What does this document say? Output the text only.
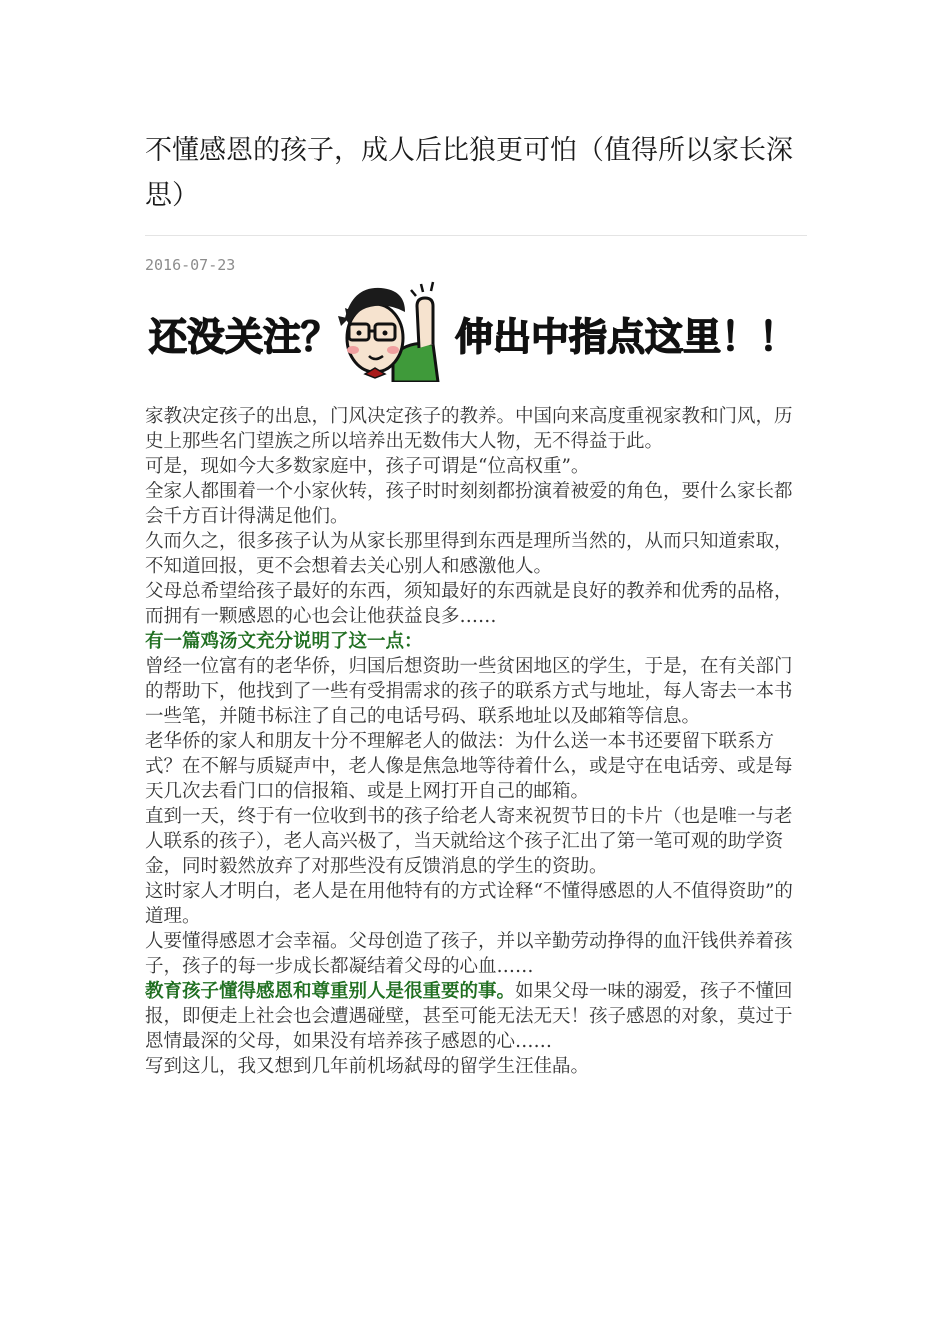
不懂感恩的孩子，成人后比狼更可怕（值得所以家长深思）
2016-07-23
还没关注？	伸出中指点这里！！

家教决定孩子的出息，门风决定孩子的教养。中国向来高度重视家教和门风，历史上那些名门望族之所以培养出无数伟大人物，无不得益于此。

可是，现如今大多数家庭中，孩子可谓是“位高权重”。

全家人都围着一个小家伙转，孩子时时刻刻都扮演着被爱的角色，要什么家长都会千方百计得满足他们。

久而久之，很多孩子认为从家长那里得到东西是理所当然的，从而只知道索取，不知道回报，更不会想着去关心别人和感激他人。

父母总希望给孩子最好的东西，须知最好的东西就是良好的教养和优秀的品格，而拥有一颗感恩的心也会让他获益良多……

有一篇鸡汤文充分说明了这一点：

曾经一位富有的老华侨，归国后想资助一些贫困地区的学生，于是，在有关部门的帮助下，他找到了一些有受捐需求的孩子的联系方式与地址，每人寄去一本书一些笔，并随书标注了自己的电话号码、联系地址以及邮箱等信息。

老华侨的家人和朋友十分不理解老人的做法：为什么送一本书还要留下联系方式？在不解与质疑声中，老人像是焦急地等待着什么，或是守在电话旁、或是每天几次去看门口的信报箱、或是上网打开自己的邮箱。

直到一天，终于有一位收到书的孩子给老人寄来祝贺节日的卡片（也是唯一与老人联系的孩子），老人高兴极了，当天就给这个孩子汇出了第一笔可观的助学资金，同时毅然放弃了对那些没有反馈消息的学生的资助。

这时家人才明白，老人是在用他特有的方式诠释“不懂得感恩的人不值得资助”的道理。

人要懂得感恩才会幸福。父母创造了孩子，并以辛勤劳动挣得的血汗钱供养着孩子，孩子的每一步成长都凝结着父母的心血……

教育孩子懂得感恩和尊重别人是很重要的事。如果父母一味的溺爱，孩子不懂回报，即便走上社会也会遭遇碰壁，甚至可能无法无天！孩子感恩的对象，莫过于恩情最深的父母，如果没有培养孩子感恩的心……

写到这儿，我又想到几年前机场弑母的留学生汪佳晶。
